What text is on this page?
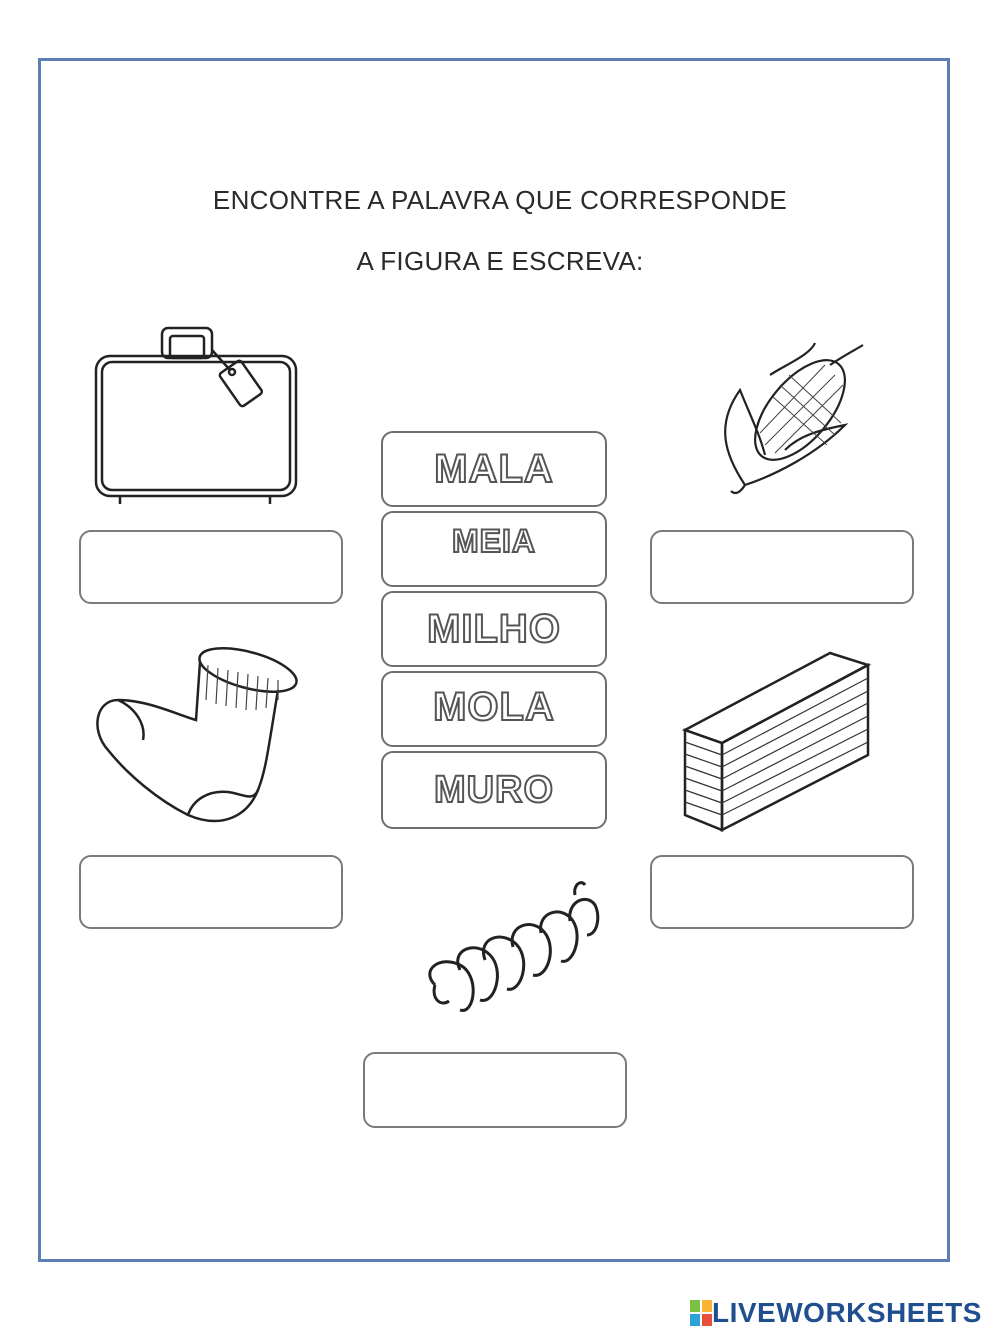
ENCONTRE A PALAVRA QUE CORRESPONDE
A FIGURA E ESCREVA:
MALA
MEIA
MILHO
MOLA
MURO
LIVEWORKSHEETS
